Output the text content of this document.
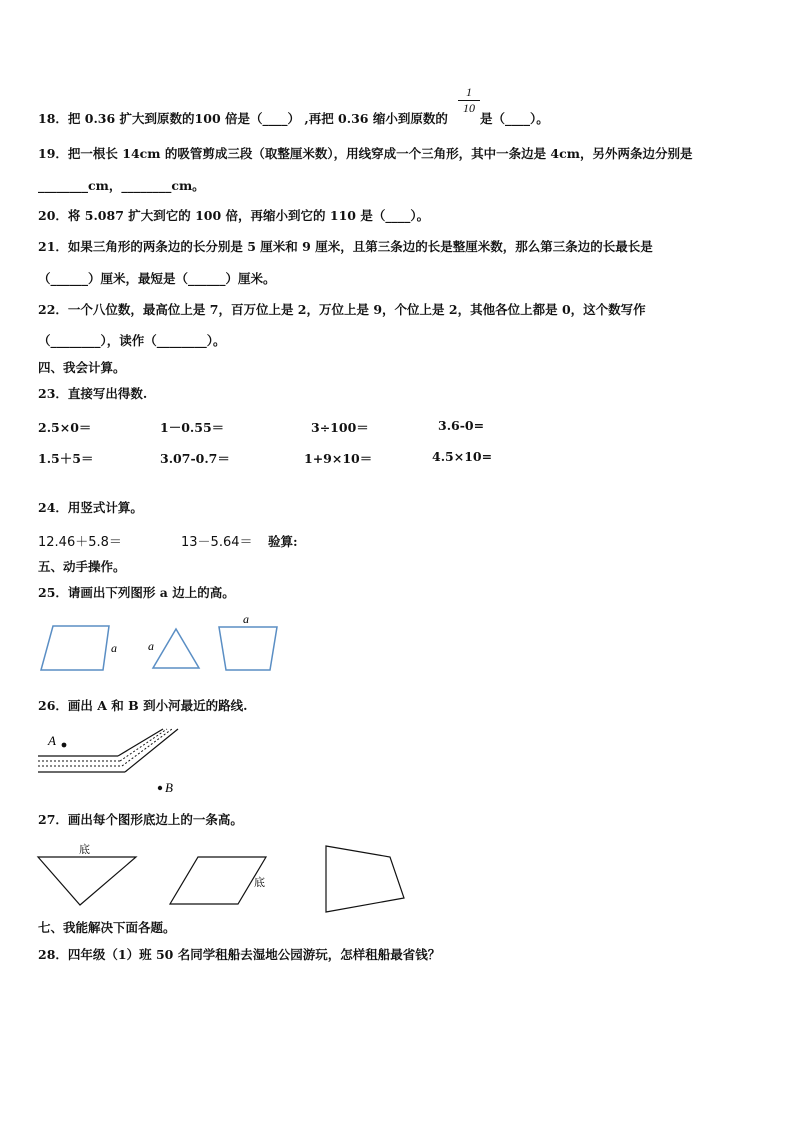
18．把 0.36 扩大到原数的100 倍是（____） ,再把 0.36 缩小到原数的
1
10
是（____）。
19．把一根长 14cm 的吸管剪成三段（取整厘米数），用线穿成一个三角形，其中一条边是 4cm，另外两条边分别是
________cm，________cm。
20．将 5.087 扩大到它的 100 倍，再缩小到它的 110 是（____）。
21．如果三角形的两条边的长分别是 5 厘米和 9 厘米，且第三条边的长是整厘米数，那么第三条边的长最长是
（______）厘米，最短是（______）厘米。
22．一个八位数，最高位上是 7，百万位上是 2，万位上是 9，个位上是 2，其他各位上都是 0，这个数写作
（________），读作（________）。
四、我会计算。
23．直接写出得数.
2.5×0＝	1－0.55＝	3÷100＝	3.6-0=
1.5＋5＝	3.07-0.7＝	1+9×10＝	4.5×10=
24．用竖式计算。
12.46＋5.8＝	13－5.64＝ 验算:
五、动手操作。
25．请画出下列图形 a 边上的高。
a	a
a
26．画出 A 和 B 到小河最近的路线.
A
B
27．画出每个图形底边上的一条高。
底
底
七、我能解决下面各题。
28．四年级（1）班 50 名同学租船去湿地公园游玩，怎样租船最省钱？
